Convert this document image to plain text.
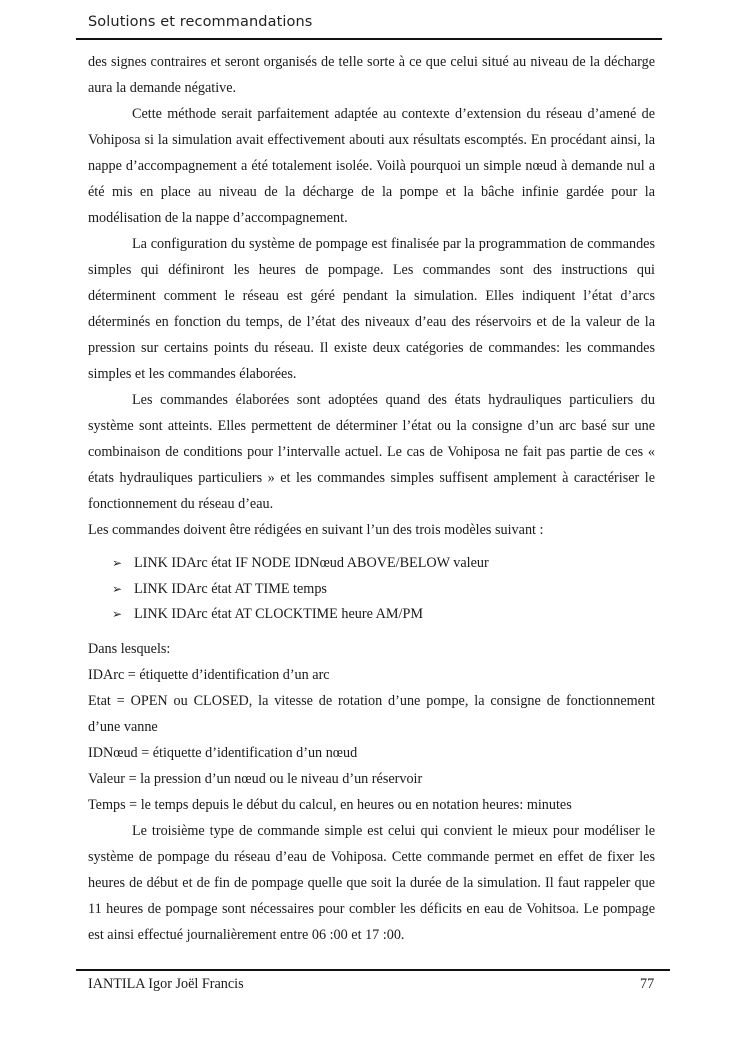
Solutions et recommandations

des signes contraires et seront organisés de telle sorte à ce que celui situé au niveau de la décharge aura la demande négative.

Cette méthode serait parfaitement adaptée au contexte d’extension du réseau d’amené de Vohiposa si la simulation avait effectivement abouti aux résultats escomptés. En procédant ainsi, la nappe d’accompagnement a été totalement isolée. Voilà pourquoi un simple nœud à demande nul a été mis en place au niveau de la décharge de la pompe et la bâche infinie gardée pour la modélisation de la nappe d’accompagnement.

La configuration du système de pompage est finalisée par la programmation de commandes simples qui définiront les heures de pompage. Les commandes sont des instructions qui déterminent comment le réseau est géré pendant la simulation. Elles indiquent l’état d’arcs déterminés en fonction du temps, de l’état des niveaux d’eau des réservoirs et de la valeur de la pression sur certains points du réseau. Il existe deux catégories de commandes: les commandes simples et les commandes élaborées.

Les commandes élaborées sont adoptées quand des états hydrauliques particuliers du système sont atteints. Elles permettent de déterminer l’état ou la consigne d’un arc basé sur une combinaison de conditions pour l’intervalle actuel. Le cas de Vohiposa ne fait pas partie de ces « états hydrauliques particuliers » et les commandes simples suffisent amplement à caractériser le fonctionnement du réseau d’eau.

Les commandes doivent être rédigées en suivant l’un des trois modèles suivant :

➢ LINK IDArc état IF NODE IDNœud ABOVE/BELOW valeur
➢ LINK IDArc état AT TIME temps
➢ LINK IDArc état AT CLOCKTIME heure AM/PM

Dans lesquels:

IDArc = étiquette d’identification d’un arc

Etat = OPEN ou CLOSED, la vitesse de rotation d’une pompe, la consigne de fonctionnement d’une vanne

IDNœud = étiquette d’identification d’un nœud

Valeur = la pression d’un nœud ou le niveau d’un réservoir

Temps = le temps depuis le début du calcul, en heures ou en notation heures: minutes

Le troisième type de commande simple est celui qui convient le mieux pour modéliser le système de pompage du réseau d’eau de Vohiposa. Cette commande permet en effet de fixer les heures de début et de fin de pompage quelle que soit la durée de la simulation. Il faut rappeler que 11 heures de pompage sont nécessaires pour combler les déficits en eau de Vohitsoa. Le pompage est ainsi effectué journalièrement entre 06 :00 et 17 :00.

IANTILA Igor Joël Francis	77
